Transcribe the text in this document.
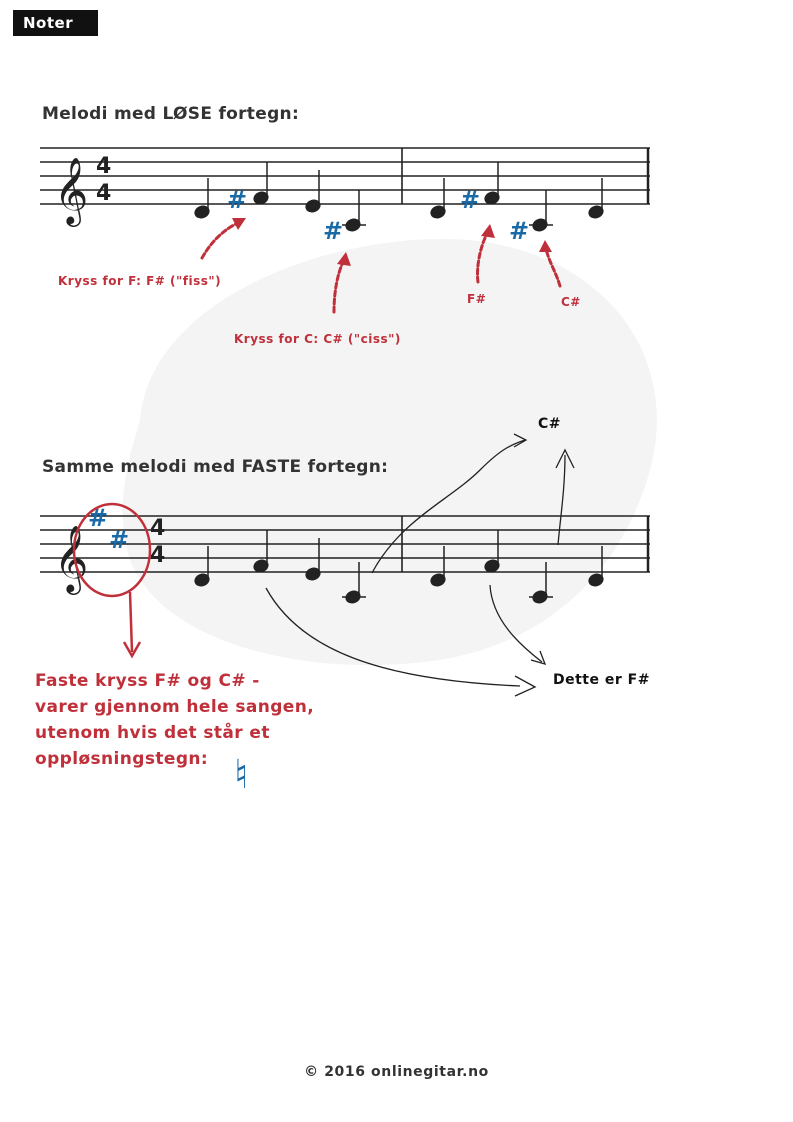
Noter
Melodi med LØSE fortegn:
𝄞 4
4	#
#
#
#
Kryss for F: F# ("fiss")
Kryss for C: C# ("ciss")
F#	C#
Samme melodi med FASTE fortegn:
C#
Dette er F#
𝄞
#
# 4
4
Faste kryss F# og C# -
varer gjennom hele sangen,
utenom hvis det står et
oppløsningstegn: ♮
© 2016 onlinegitar.no
